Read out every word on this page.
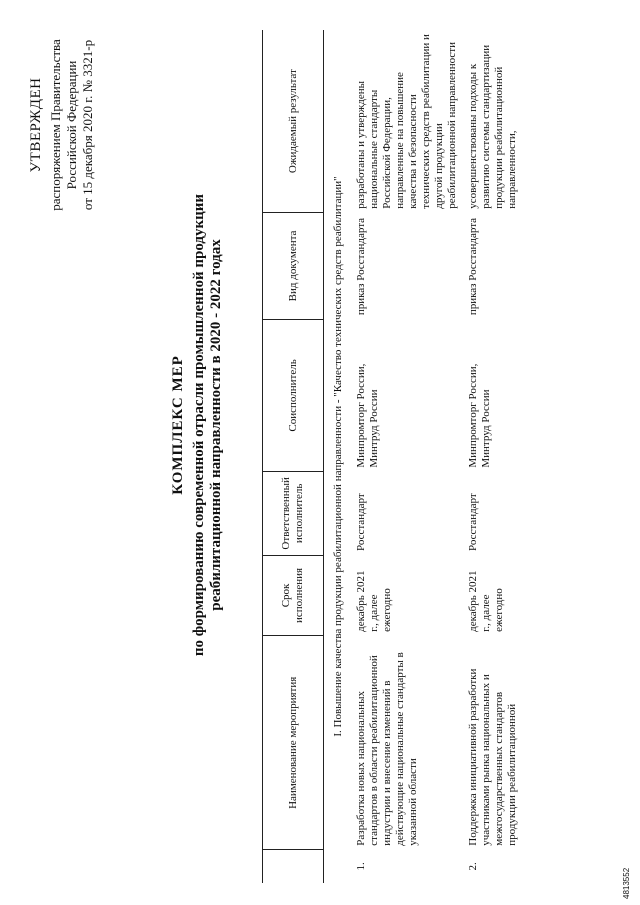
УТВЕРЖДЕН распоряжением Правительства Российской Федерации от 15 декабря 2020 г. № 3321-р
КОМПЛЕКС МЕР по формированию современной отрасли промышленной продукции реабилитационной направленности в 2020 - 2022 годах
	Наименование мероприятия	Срок исполнения	Ответственный исполнитель	Соисполнитель	Вид документа	Ожидаемый результат
I. Повышение качества продукции реабилитационной направленности - "Качество технических средств реабилитации"						
1.	Разработка новых национальных стандартов в области реабилитационной индустрии и внесение изменений в действующие национальные стандарты в указанной области	декабрь 2021 г., далее ежегодно	Росстандарт	Минпромторг России, Минтруд России	приказ Росстандарта	разработаны и утверждены национальные стандарты Российской Федерации, направленные на повышение качества и безопасности технических средств реабилитации и другой продукции реабилитационной направленности
2.	Поддержка инициативной разработки участниками рынка национальных и межгосударственных стандартов продукции реабилитационной	декабрь 2021 г., далее ежегодно	Росстандарт	Минпромторг России, Минтруд России	приказ Росстандарта	усовершенствованы подходы к развитию системы стандартизации продукции реабилитационной направленности,
4813552
